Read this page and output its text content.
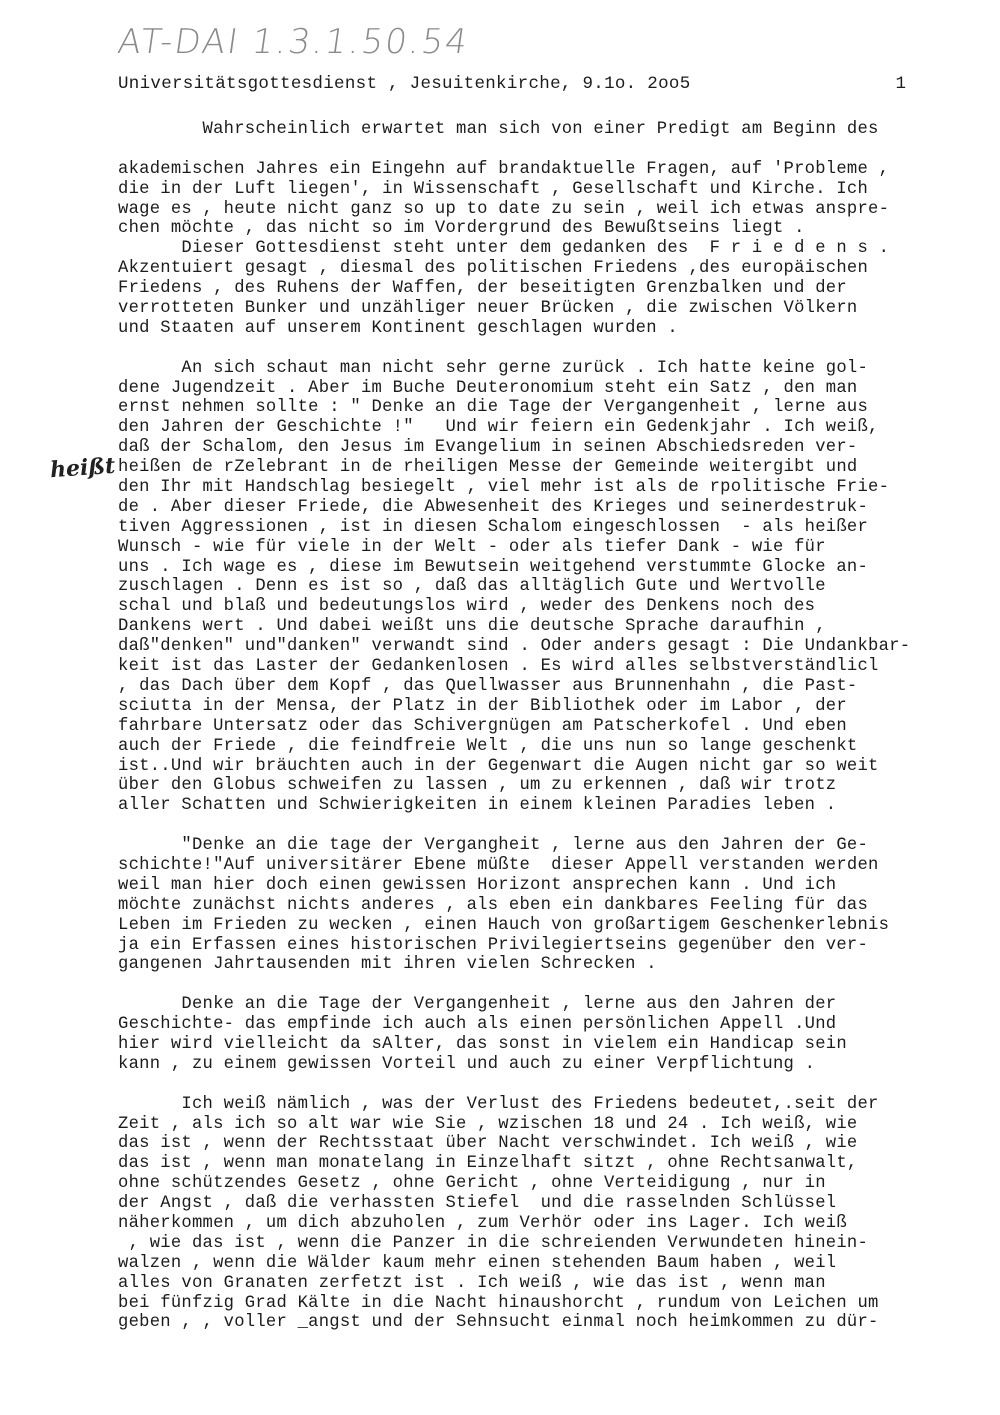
AT-DAI 1.3.1.50.54
Universitätsgottesdienst , Jesuitenkirche, 9.1o. 2oo5	1
heißt
Wahrscheinlich erwartet man sich von einer Predigt am Beginn des
akademischen Jahres ein Eingehn auf brandaktuelle Fragen, auf 'Probleme ,
die in der Luft liegen', in Wissenschaft , Gesellschaft und Kirche. Ich
wage es , heute nicht ganz so up to date zu sein , weil ich etwas anspre-
chen möchte , das nicht so im Vordergrund des Bewußtseins liegt .
Dieser Gottesdienst steht unter dem gedanken des  F r i e d e n s .
Akzentuiert gesagt , diesmal des politischen Friedens ,des europäischen
Friedens , des Ruhens der Waffen, der beseitigten Grenzbalken und der
verrotteten Bunker und unzähliger neuer Brücken , die zwischen Völkern
und Staaten auf unserem Kontinent geschlagen wurden .
An sich schaut man nicht sehr gerne zurück . Ich hatte keine gol-
dene Jugendzeit . Aber im Buche Deuteronomium steht ein Satz , den man
ernst nehmen sollte : " Denke an die Tage der Vergangenheit , lerne aus
den Jahren der Geschichte !"   Und wir feiern ein Gedenkjahr . Ich weiß,
daß der Schalom, den Jesus im Evangelium in seinen Abschiedsreden ver-
heißen de rZelebrant in de rheiligen Messe der Gemeinde weitergibt und
den Ihr mit Handschlag besiegelt , viel mehr ist als de rpolitische Frie-
de . Aber dieser Friede, die Abwesenheit des Krieges und seinerdestruk-
tiven Aggressionen , ist in diesen Schalom eingeschlossen  - als heißer
Wunsch - wie für viele in der Welt - oder als tiefer Dank - wie für
uns . Ich wage es , diese im Bewutsein weitgehend verstummte Glocke an-
zuschlagen . Denn es ist so , daß das alltäglich Gute und Wertvolle
schal und blaß und bedeutungslos wird , weder des Denkens noch des
Dankens wert . Und dabei weißt uns die deutsche Sprache daraufhin ,
daß"denken" und"danken" verwandt sind . Oder anders gesagt : Die Undankbar-
keit ist das Laster der Gedankenlosen . Es wird alles selbstverständlicl
, das Dach über dem Kopf , das Quellwasser aus Brunnenhahn , die Past-
sciutta in der Mensa, der Platz in der Bibliothek oder im Labor , der
fahrbare Untersatz oder das Schivergnügen am Patscherkofel . Und eben
auch der Friede , die feindfreie Welt , die uns nun so lange geschenkt
ist..Und wir bräuchten auch in der Gegenwart die Augen nicht gar so weit
über den Globus schweifen zu lassen , um zu erkennen , daß wir trotz
aller Schatten und Schwierigkeiten in einem kleinen Paradies leben .
"Denke an die tage der Vergangheit , lerne aus den Jahren der Ge-
schichte!"Auf universitärer Ebene müßte  dieser Appell verstanden werden
weil man hier doch einen gewissen Horizont ansprechen kann . Und ich
möchte zunächst nichts anderes , als eben ein dankbares Feeling für das
Leben im Frieden zu wecken , einen Hauch von großartigem Geschenkerlebnis
ja ein Erfassen eines historischen Privilegiertseins gegenüber den ver-
gangenen Jahrtausenden mit ihren vielen Schrecken .
Denke an die Tage der Vergangenheit , lerne aus den Jahren der
Geschichte- das empfinde ich auch als einen persönlichen Appell .Und
hier wird vielleicht da sAlter, das sonst in vielem ein Handicap sein
kann , zu einem gewissen Vorteil und auch zu einer Verpflichtung .
Ich weiß nämlich , was der Verlust des Friedens bedeutet,.seit der
Zeit , als ich so alt war wie Sie , wzischen 18 und 24 . Ich weiß, wie
das ist , wenn der Rechtsstaat über Nacht verschwindet. Ich weiß , wie
das ist , wenn man monatelang in Einzelhaft sitzt , ohne Rechtsanwalt,
ohne schützendes Gesetz , ohne Gericht , ohne Verteidigung , nur in
der Angst , daß die verhassten Stiefel  und die rasselnden Schlüssel
näherkommen , um dich abzuholen , zum Verhör oder ins Lager. Ich weiß
, wie das ist , wenn die Panzer in die schreienden Verwundeten hinein-
walzen , wenn die Wälder kaum mehr einen stehenden Baum haben , weil
alles von Granaten zerfetzt ist . Ich weiß , wie das ist , wenn man
bei fünfzig Grad Kälte in die Nacht hinaushorcht , rundum von Leichen um
geben , , voller _angst und der Sehnsucht einmal noch heimkommen zu dür-
